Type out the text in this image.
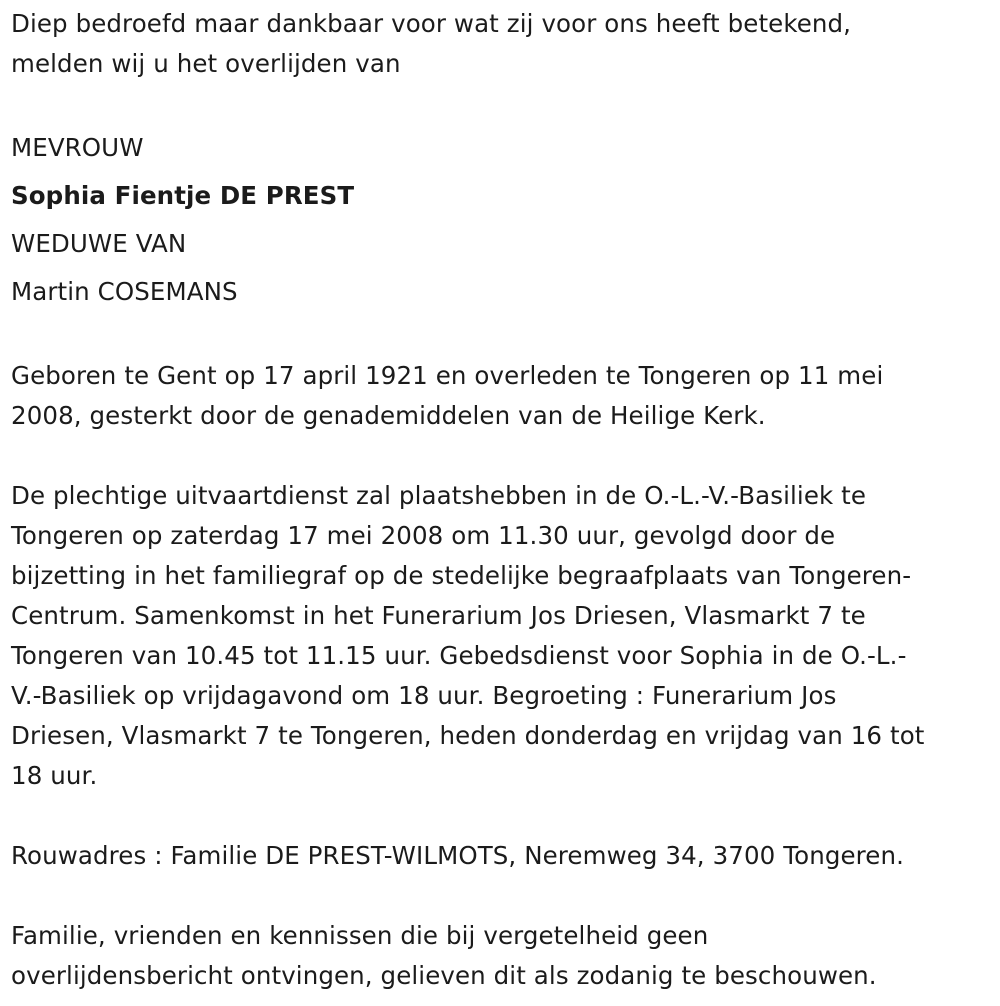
Diep bedroefd maar dankbaar voor wat zij voor ons heeft betekend,
melden wij u het overlijden van
MEVROUW
Sophia Fientje DE PREST
WEDUWE VAN
Martin COSEMANS
Geboren te Gent op 17 april 1921 en overleden te Tongeren op 11 mei
2008, gesterkt door de genademiddelen van de Heilige Kerk.
De plechtige uitvaartdienst zal plaatshebben in de O.-L.-V.-Basiliek te
Tongeren op zaterdag 17 mei 2008 om 11.30 uur, gevolgd door de
bijzetting in het familiegraf op de stedelijke begraafplaats van Tongeren-
Centrum. Samenkomst in het Funerarium Jos Driesen, Vlasmarkt 7 te
Tongeren van 10.45 tot 11.15 uur. Gebedsdienst voor Sophia in de O.-L.-
V.-Basiliek op vrijdagavond om 18 uur. Begroeting : Funerarium Jos
Driesen, Vlasmarkt 7 te Tongeren, heden donderdag en vrijdag van 16 tot
18 uur.
Rouwadres : Familie DE PREST-WILMOTS, Neremweg 34, 3700 Tongeren.
Familie, vrienden en kennissen die bij vergetelheid geen
overlijdensbericht ontvingen, gelieven dit als zodanig te beschouwen.
